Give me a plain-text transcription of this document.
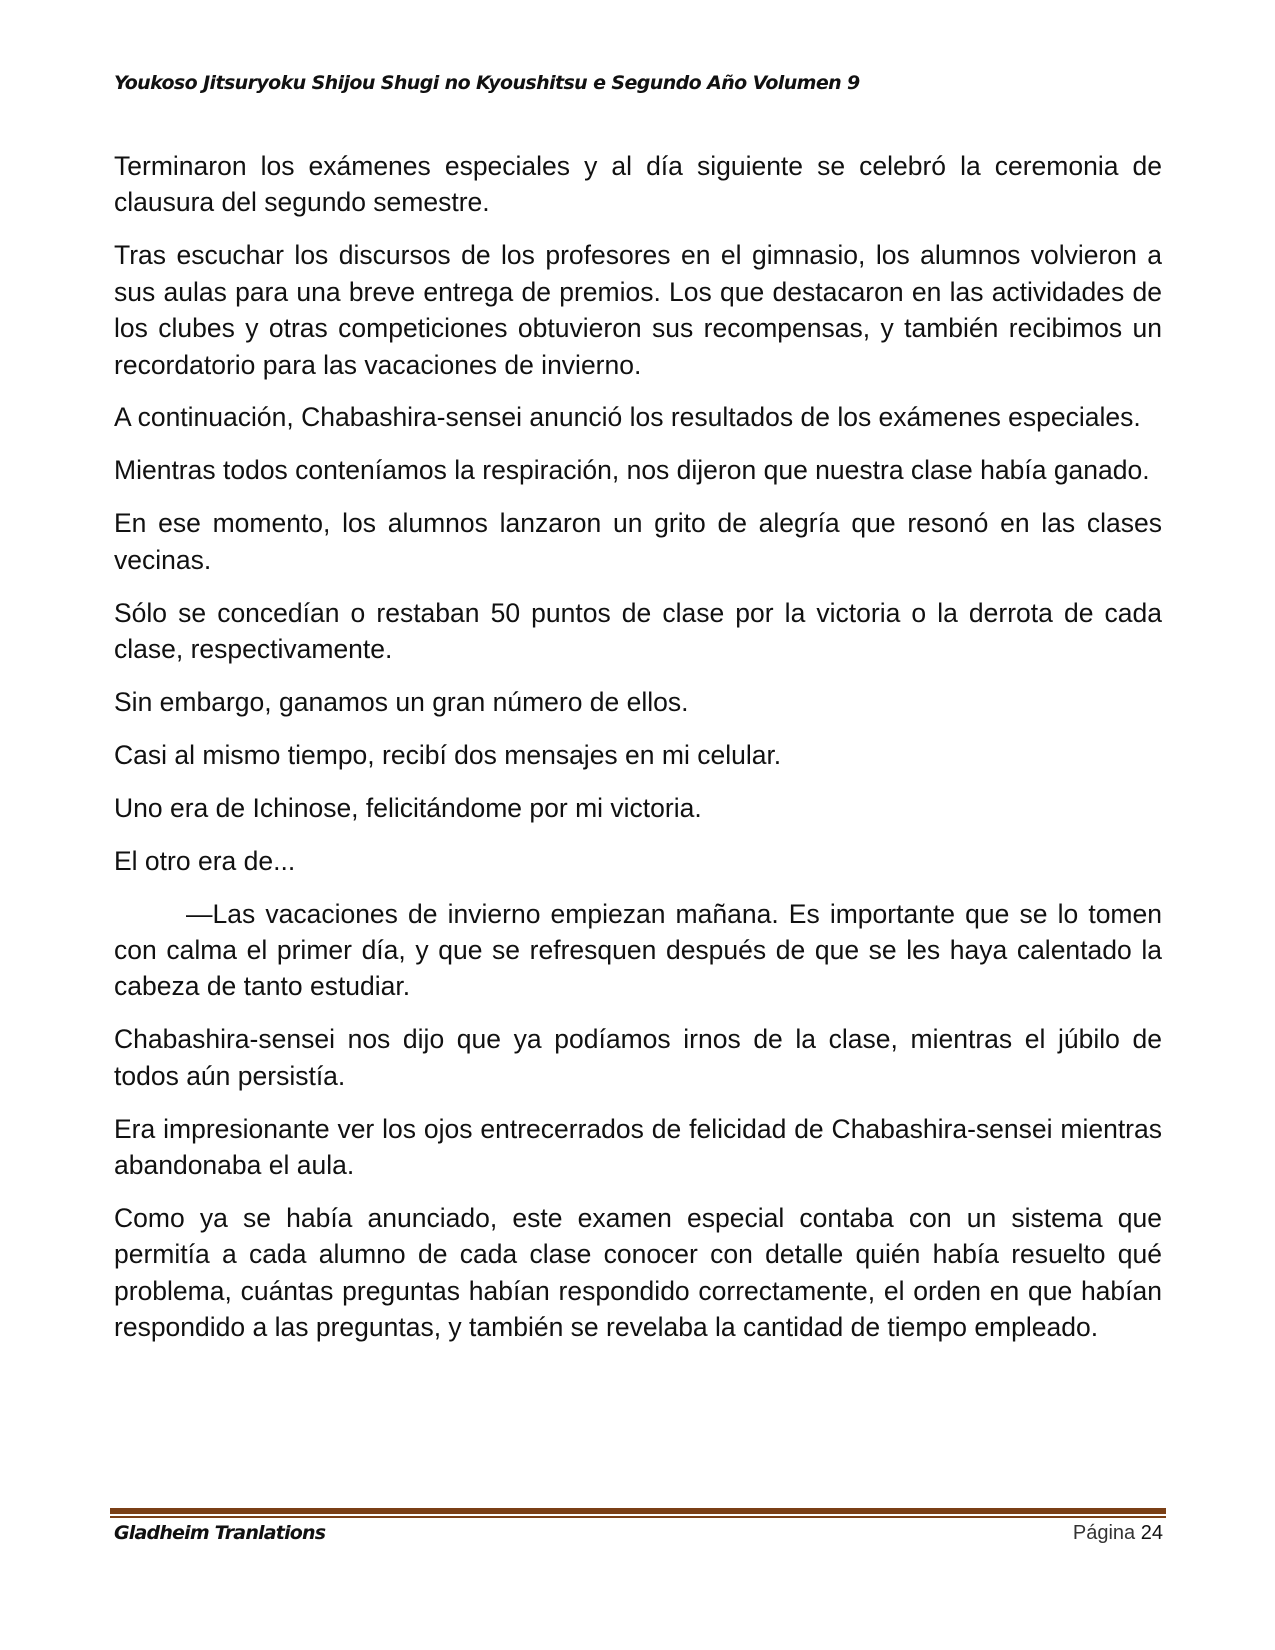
Youkoso Jitsuryoku Shijou Shugi no Kyoushitsu e Segundo Año Volumen 9

Terminaron los exámenes especiales y al día siguiente se celebró la ceremonia de clausura del segundo semestre.

Tras escuchar los discursos de los profesores en el gimnasio, los alumnos volvieron a sus aulas para una breve entrega de premios. Los que destacaron en las actividades de los clubes y otras competiciones obtuvieron sus recompensas, y también recibimos un recordatorio para las vacaciones de invierno.

A continuación, Chabashira-sensei anunció los resultados de los exámenes especiales.

Mientras todos conteníamos la respiración, nos dijeron que nuestra clase había ganado.

En ese momento, los alumnos lanzaron un grito de alegría que resonó en las clases vecinas.

Sólo se concedían o restaban 50 puntos de clase por la victoria o la derrota de cada clase, respectivamente.

Sin embargo, ganamos un gran número de ellos.

Casi al mismo tiempo, recibí dos mensajes en mi celular.

Uno era de Ichinose, felicitándome por mi victoria.

El otro era de...

—Las vacaciones de invierno empiezan mañana. Es importante que se lo tomen con calma el primer día, y que se refresquen después de que se les haya calentado la cabeza de tanto estudiar.

Chabashira-sensei nos dijo que ya podíamos irnos de la clase, mientras el júbilo de todos aún persistía.

Era impresionante ver los ojos entrecerrados de felicidad de Chabashira-sensei mientras abandonaba el aula.

Como ya se había anunciado, este examen especial contaba con un sistema que permitía a cada alumno de cada clase conocer con detalle quién había resuelto qué problema, cuántas preguntas habían respondido correctamente, el orden en que habían respondido a las preguntas, y también se revelaba la cantidad de tiempo empleado.

Gladheim Tranlations	Página 24
